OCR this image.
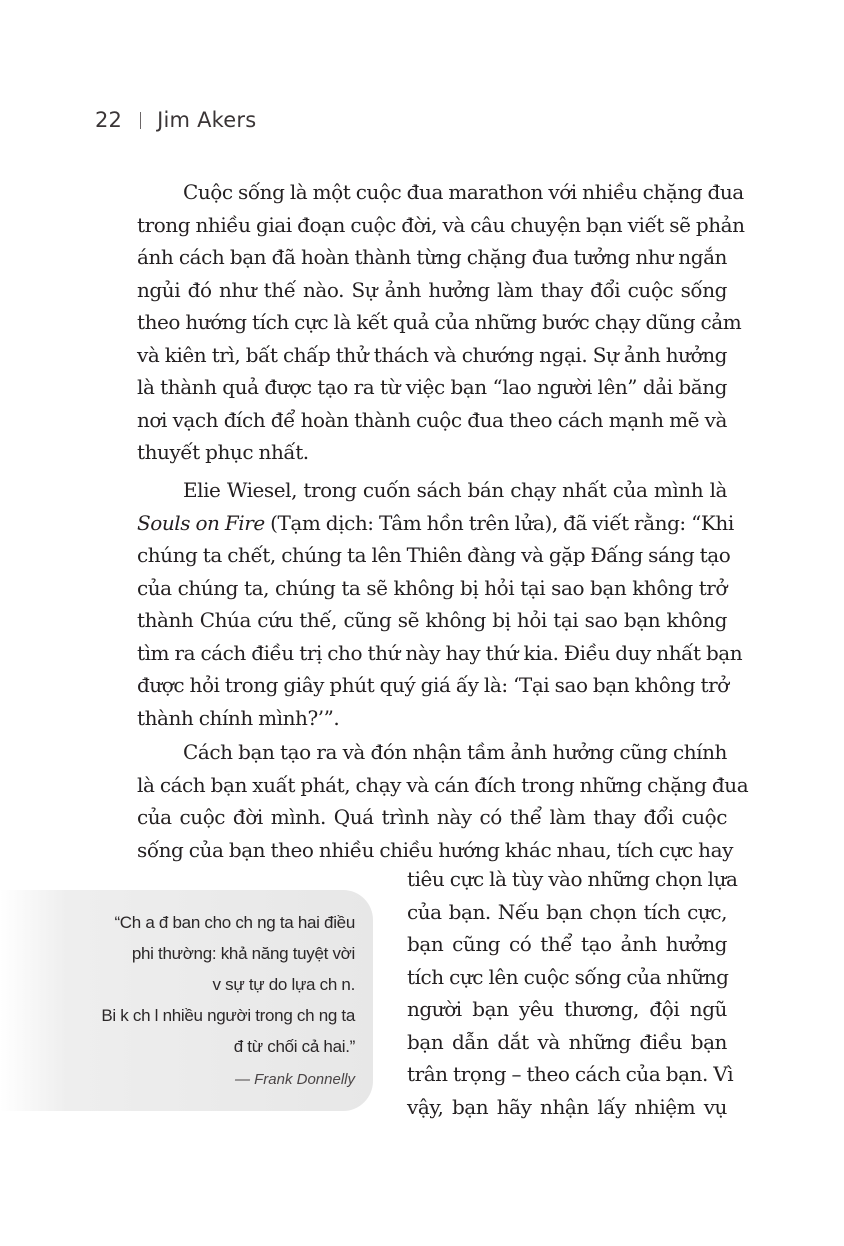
22 Jim Akers
Cuộc sống là một cuộc đua marathon với nhiều chặng đua
trong nhiều giai đoạn cuộc đời, và câu chuyện bạn viết sẽ phản
ánh cách bạn đã hoàn thành từng chặng đua tưởng như ngắn
ngủi đó như thế nào. Sự ảnh hưởng làm thay đổi cuộc sống
theo hướng tích cực là kết quả của những bước chạy dũng cảm
và kiên trì, bất chấp thử thách và chướng ngại. Sự ảnh hưởng
là thành quả được tạo ra từ việc bạn “lao người lên” dải băng
nơi vạch đích để hoàn thành cuộc đua theo cách mạnh mẽ và
thuyết phục nhất.
Elie Wiesel, trong cuốn sách bán chạy nhất của mình là
Souls on Fire (Tạm dịch: Tâm hồn trên lửa), đã viết rằng: “Khi
chúng ta chết, chúng ta lên Thiên đàng và gặp Đấng sáng tạo
của chúng ta, chúng ta sẽ không bị hỏi tại sao bạn không trở
thành Chúa cứu thế, cũng sẽ không bị hỏi tại sao bạn không
tìm ra cách điều trị cho thứ này hay thứ kia. Điều duy nhất bạn
được hỏi trong giây phút quý giá ấy là: ‘Tại sao bạn không trở
thành chính mình?’”.
Cách bạn tạo ra và đón nhận tầm ảnh hưởng cũng chính
là cách bạn xuất phát, chạy và cán đích trong những chặng đua
của cuộc đời mình. Quá trình này có thể làm thay đổi cuộc
sống của bạn theo nhiều chiều hướng khác nhau, tích cực hay
tiêu cực là tùy vào những chọn lựa
của bạn. Nếu bạn chọn tích cực,
bạn cũng có thể tạo ảnh hưởng
tích cực lên cuộc sống của những
người bạn yêu thương, đội ngũ
bạn dẫn dắt và những điều bạn
trân trọng – theo cách của bạn. Vì
vậy, bạn hãy nhận lấy nhiệm vụ
“Ch a đ ban cho ch ng ta hai điều
phi thường: khả năng tuyệt vời
v sự tự do lựa ch n.
Bi k ch l nhiều người trong ch ng ta
đ từ chối cả hai.”
— Frank Donnelly
